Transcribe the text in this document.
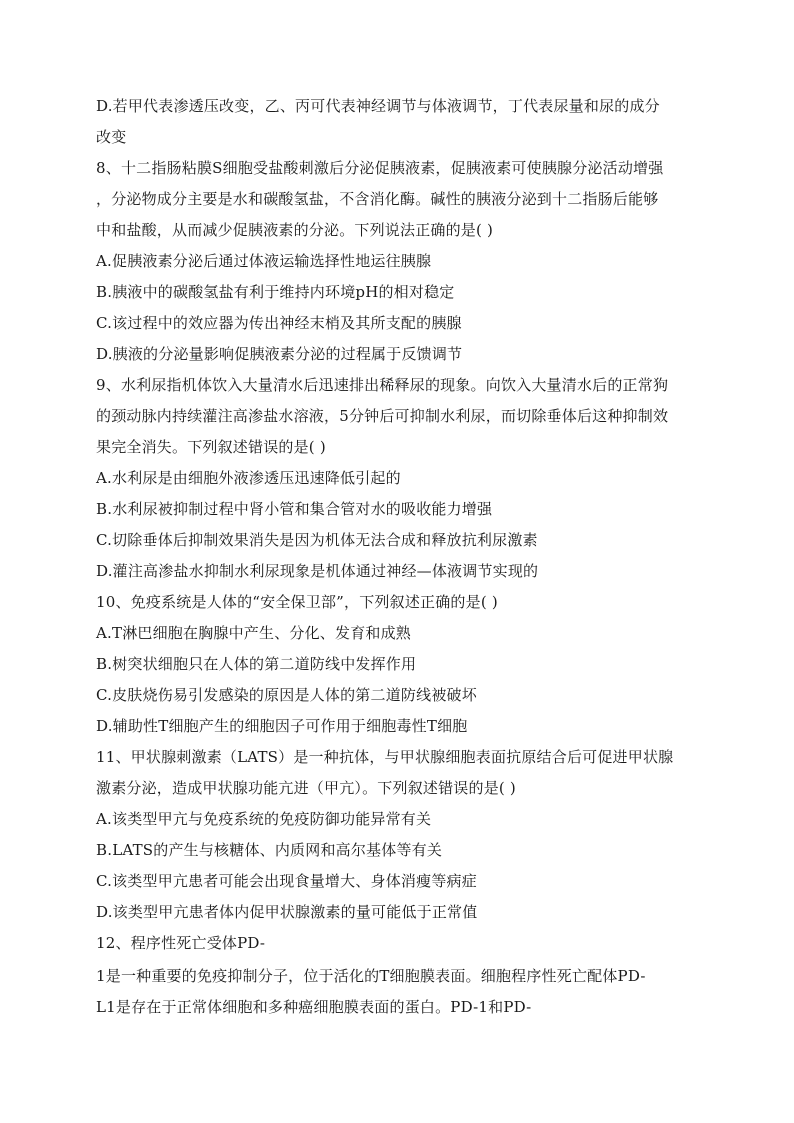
D.若甲代表渗透压改变，乙、丙可代表神经调节与体液调节，丁代表尿量和尿的成分
改变
8、十二指肠粘膜S细胞受盐酸刺激后分泌促胰液素，促胰液素可使胰腺分泌活动增强
，分泌物成分主要是水和碳酸氢盐，不含消化酶。碱性的胰液分泌到十二指肠后能够
中和盐酸，从而减少促胰液素的分泌。下列说法正确的是( )
A.促胰液素分泌后通过体液运输选择性地运往胰腺
B.胰液中的碳酸氢盐有利于维持内环境pH的相对稳定
C.该过程中的效应器为传出神经末梢及其所支配的胰腺
D.胰液的分泌量影响促胰液素分泌的过程属于反馈调节
9、水利尿指机体饮入大量清水后迅速排出稀释尿的现象。向饮入大量清水后的正常狗
的颈动脉内持续灌注高渗盐水溶液，5分钟后可抑制水利尿，而切除垂体后这种抑制效
果完全消失。下列叙述错误的是( )
A.水利尿是由细胞外液渗透压迅速降低引起的
B.水利尿被抑制过程中肾小管和集合管对水的吸收能力增强
C.切除垂体后抑制效果消失是因为机体无法合成和释放抗利尿激素
D.灌注高渗盐水抑制水利尿现象是机体通过神经—体液调节实现的
10、免疫系统是人体的“安全保卫部”，下列叙述正确的是( )
A.T淋巴细胞在胸腺中产生、分化、发育和成熟
B.树突状细胞只在人体的第二道防线中发挥作用
C.皮肤烧伤易引发感染的原因是人体的第二道防线被破坏
D.辅助性T细胞产生的细胞因子可作用于细胞毒性T细胞
11、甲状腺刺激素（LATS）是一种抗体，与甲状腺细胞表面抗原结合后可促进甲状腺
激素分泌，造成甲状腺功能亢进（甲亢）。下列叙述错误的是( )
A.该类型甲亢与免疫系统的免疫防御功能异常有关
B.LATS的产生与核糖体、内质网和高尔基体等有关
C.该类型甲亢患者可能会出现食量增大、身体消瘦等病症
D.该类型甲亢患者体内促甲状腺激素的量可能低于正常值
12、程序性死亡受体PD-
1是一种重要的免疫抑制分子，位于活化的T细胞膜表面。细胞程序性死亡配体PD-
L1是存在于正常体细胞和多种癌细胞膜表面的蛋白。PD-1和PD-
